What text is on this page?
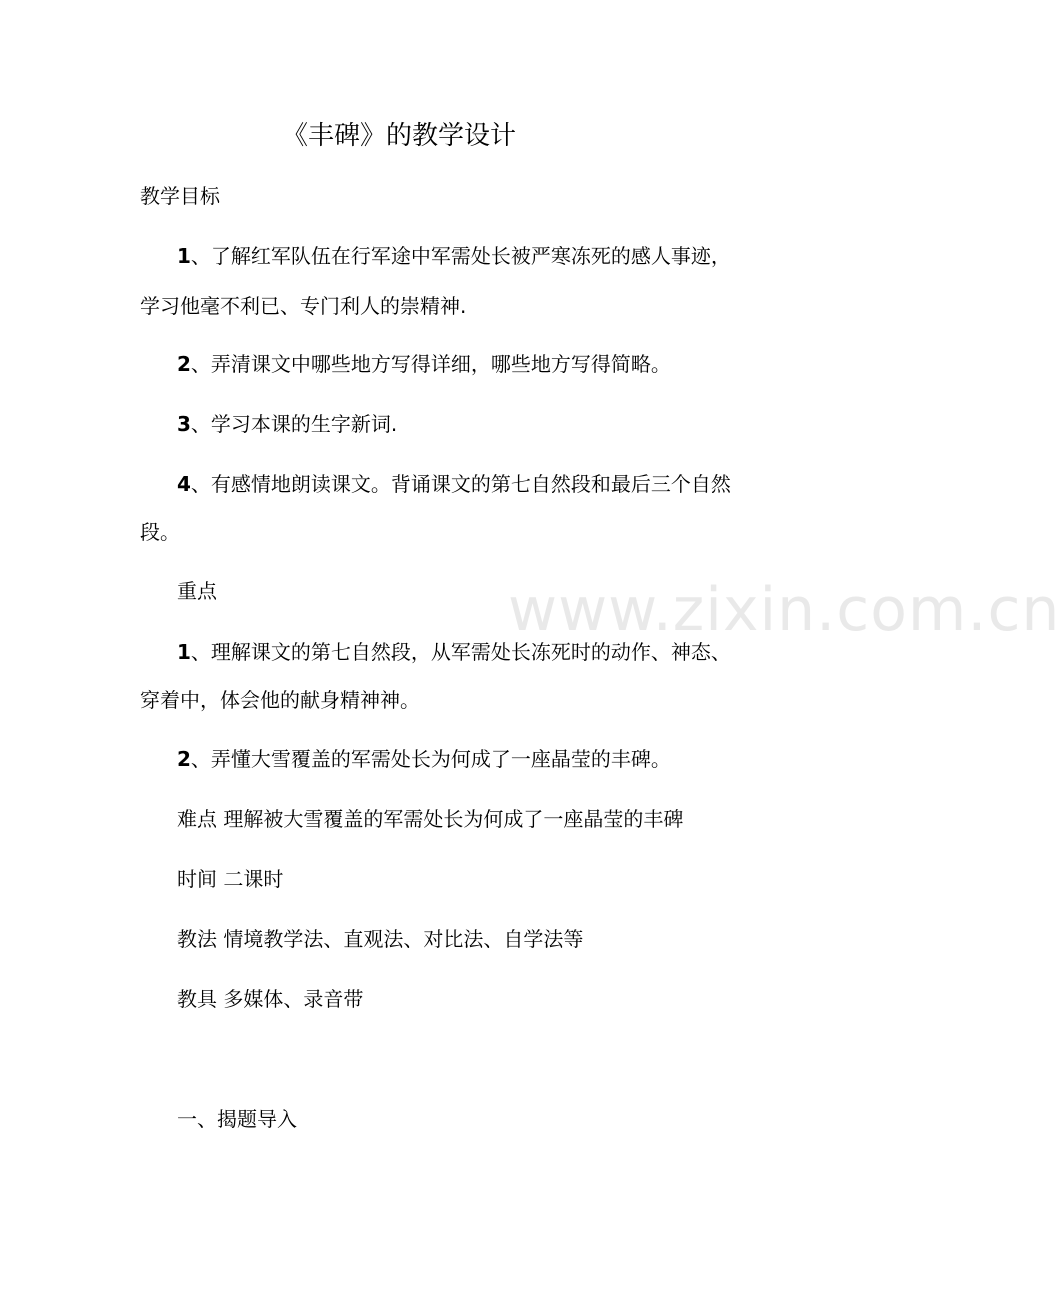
www.zixin.com.cn
《丰碑》的教学设计
教学目标
1、了解红军队伍在行军途中军需处长被严寒冻死的感人事迹，
学习他毫不利已、专门利人的崇精神.
2、弄清课文中哪些地方写得详细，哪些地方写得简略。
3、学习本课的生字新词.
4、有感情地朗读课文。背诵课文的第七自然段和最后三个自然
段。
重点
1、理解课文的第七自然段，从军需处长冻死时的动作、神态、
穿着中，体会他的献身精神神。
2、弄懂大雪覆盖的军需处长为何成了一座晶莹的丰碑。
难点 理解被大雪覆盖的军需处长为何成了一座晶莹的丰碑
时间 二课时
教法 情境教学法、直观法、对比法、自学法等
教具 多媒体、录音带
一、揭题导入
